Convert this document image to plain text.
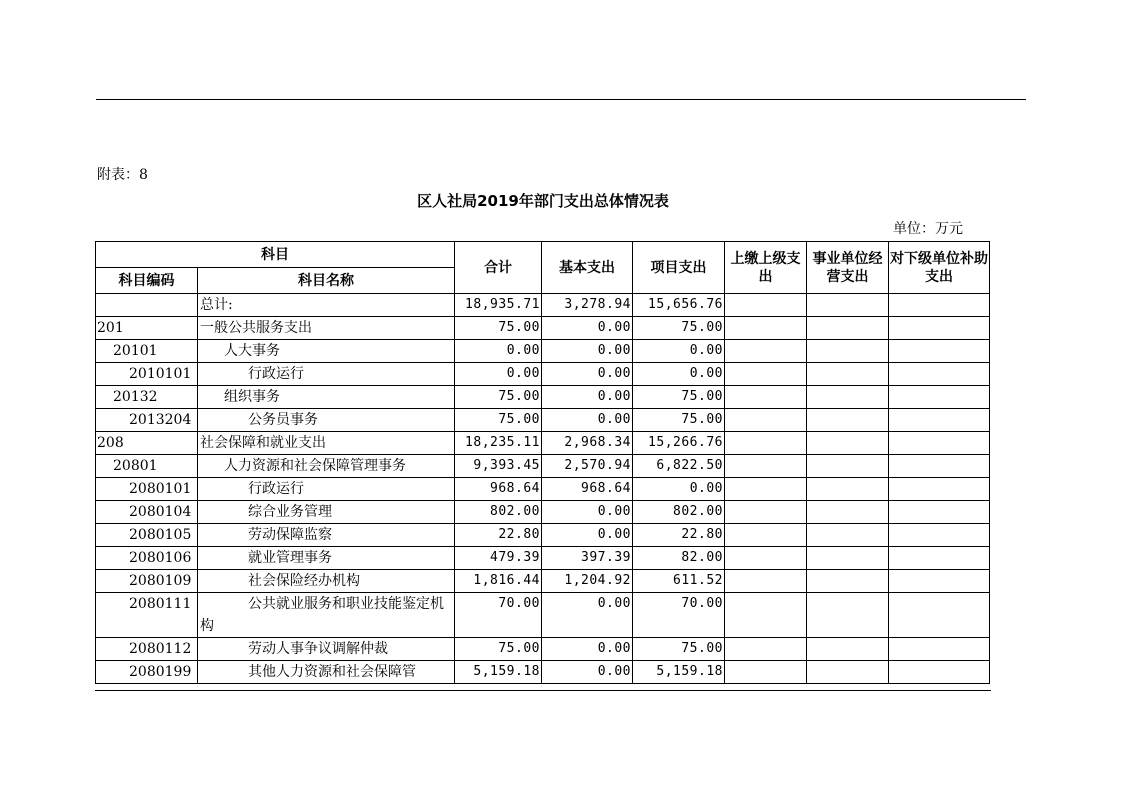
附表：8
区人社局2019年部门支出总体情况表
单位：万元
科目		合计	基本支出	项目支出	上缴上级支出	事业单位经营支出	对下级单位补助支出
科目编码	科目名称						
	总计:	18,935.71	3,278.94	15,656.76			
201	一般公共服务支出	75.00	0.00	75.00			
20101	人大事务	0.00	0.00	0.00			
2010101	行政运行	0.00	0.00	0.00			
20132	组织事务	75.00	0.00	75.00			
2013204	公务员事务	75.00	0.00	75.00			
208	社会保障和就业支出	18,235.11	2,968.34	15,266.76			
20801	人力资源和社会保障管理事务	9,393.45	2,570.94	6,822.50			
2080101	行政运行	968.64	968.64	0.00			
2080104	综合业务管理	802.00	0.00	802.00			
2080105	劳动保障监察	22.80	0.00	22.80			
2080106	就业管理事务	479.39	397.39	82.00			
2080109	社会保险经办机构	1,816.44	1,204.92	611.52			
2080111	公共就业服务和职业技能鉴定机构	70.00	0.00	70.00			
2080112	劳动人事争议调解仲裁	75.00	0.00	75.00			
2080199	其他人力资源和社会保障管	5,159.18	0.00	5,159.18			
